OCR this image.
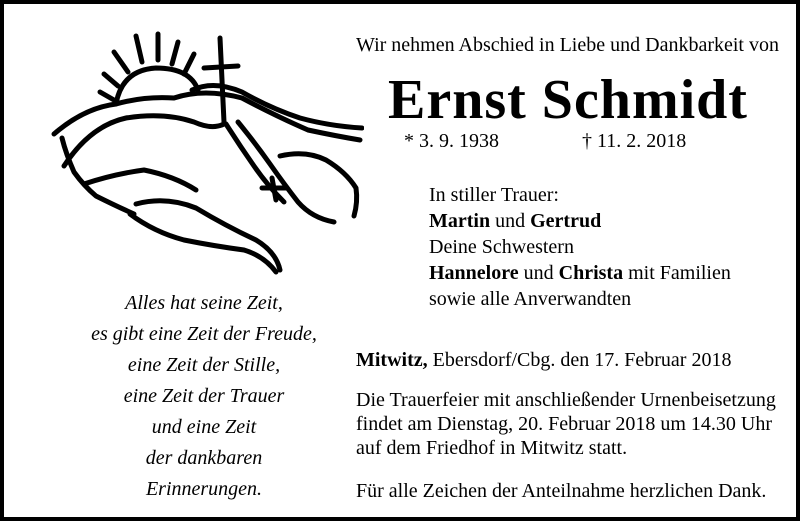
Alles hat seine Zeit,
es gibt eine Zeit der Freude,
eine Zeit der Stille,
eine Zeit der Trauer
und eine Zeit
der dankbaren
Erinnerungen.
Wir nehmen Abschied in Liebe und Dankbarkeit von
Ernst Schmidt
* 3. 9. 1938	† 11. 2. 2018
In stiller Trauer:
Martin und Gertrud
Deine Schwestern
Hannelore und Christa mit Familien
sowie alle Anverwandten
Mitwitz, Ebersdorf/Cbg. den 17. Februar 2018
Die Trauerfeier mit anschließender Urnenbeisetzung
findet am Dienstag, 20. Februar 2018 um 14.30 Uhr
auf dem Friedhof in Mitwitz statt.
Für alle Zeichen der Anteilnahme herzlichen Dank.
